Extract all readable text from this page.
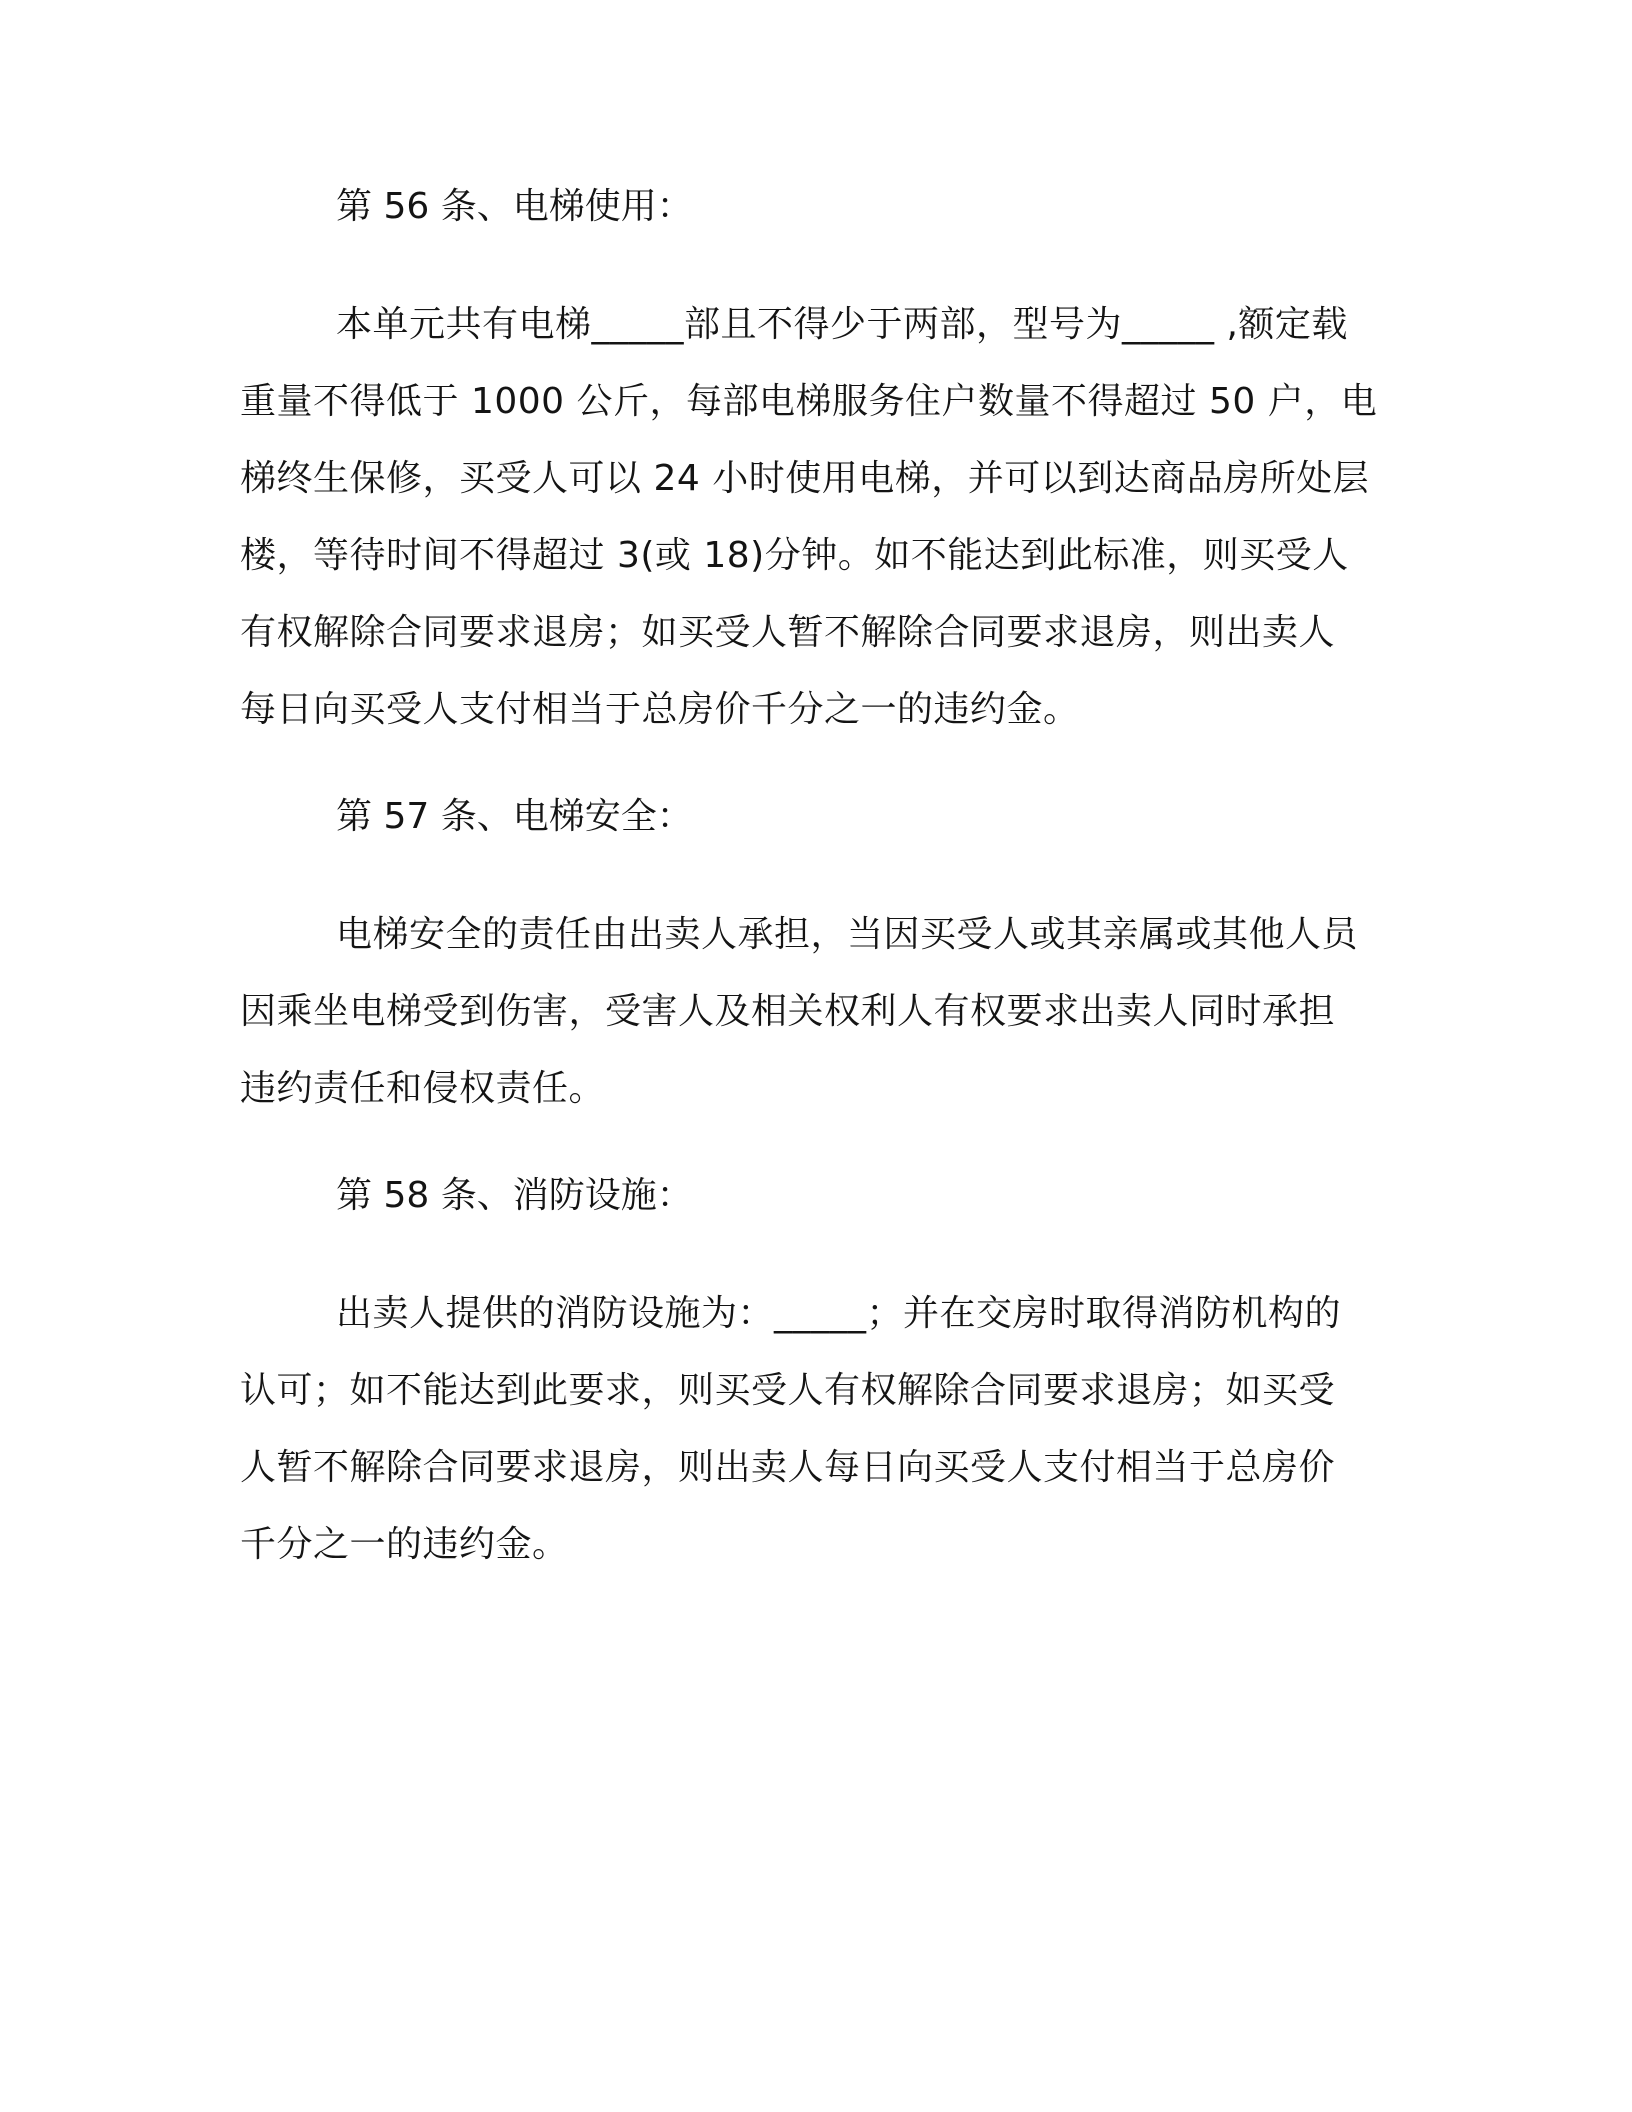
第 56 条、电梯使用：

本单元共有电梯_____部且不得少于两部，型号为_____ ,额定载
重量不得低于 1000 公斤，每部电梯服务住户数量不得超过 50 户，电
梯终生保修，买受人可以 24 小时使用电梯，并可以到达商品房所处层
楼，等待时间不得超过 3(或 18)分钟。如不能达到此标准，则买受人
有权解除合同要求退房；如买受人暂不解除合同要求退房，则出卖人
每日向买受人支付相当于总房价千分之一的违约金。

第 57 条、电梯安全：

电梯安全的责任由出卖人承担，当因买受人或其亲属或其他人员
因乘坐电梯受到伤害，受害人及相关权利人有权要求出卖人同时承担
违约责任和侵权责任。

第 58 条、消防设施：

出卖人提供的消防设施为：_____；并在交房时取得消防机构的
认可；如不能达到此要求，则买受人有权解除合同要求退房；如买受
人暂不解除合同要求退房，则出卖人每日向买受人支付相当于总房价
千分之一的违约金。
